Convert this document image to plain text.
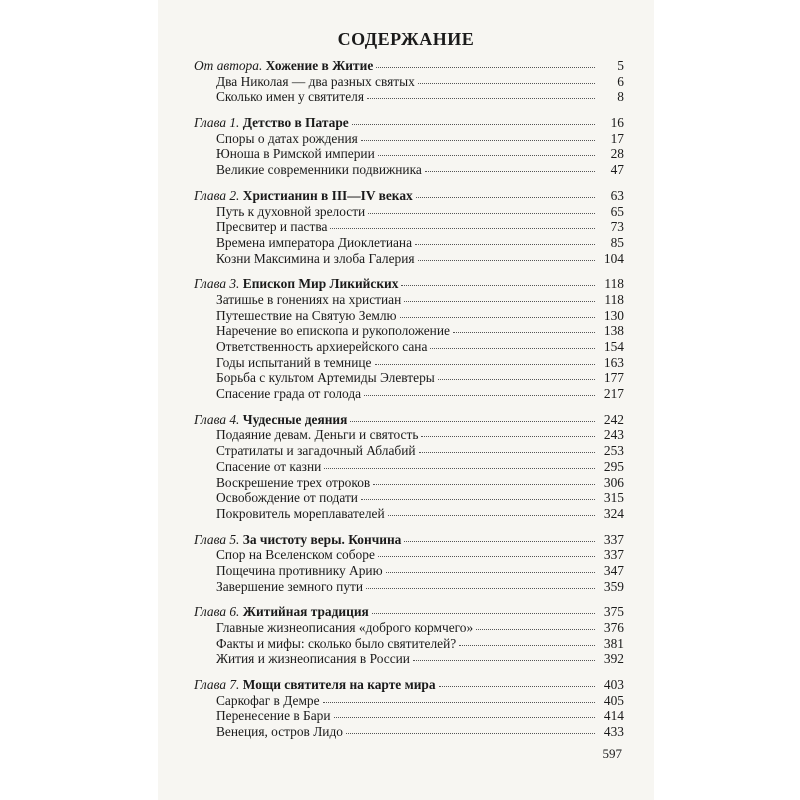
СОДЕРЖАНИЕ
От автора. Хожение в Житие	5
Два Николая — два разных святых	6
Сколько имен у святителя	8
Глава 1. Детство в Патаре	16
Споры о датах рождения	17
Юноша в Римской империи	28
Великие современники подвижника	47
Глава 2. Христианин в III—IV веках	63
Путь к духовной зрелости	65
Пресвитер и паства	73
Времена императора Диоклетиана	85
Козни Максимина и злоба Галерия	104
Глава 3. Епископ Мир Ликийских	118
Затишье в гонениях на христиан	118
Путешествие на Святую Землю	130
Наречение во епископа и рукоположение	138
Ответственность архиерейского сана	154
Годы испытаний в темнице	163
Борьба с культом Артемиды Элевтеры	177
Спасение града от голода	217
Глава 4. Чудесные деяния	242
Подаяние девам. Деньги и святость	243
Стратилаты и загадочный Аблабий	253
Спасение от казни	295
Воскрешение трех отроков	306
Освобождение от подати	315
Покровитель мореплавателей	324
Глава 5. За чистоту веры. Кончина	337
Спор на Вселенском соборе	337
Пощечина противнику Арию	347
Завершение земного пути	359
Глава 6. Житийная традиция	375
Главные жизнеописания «доброго кормчего»	376
Факты и мифы: сколько было святителей?	381
Жития и жизнеописания в России	392
Глава 7. Мощи святителя на карте мира	403
Саркофаг в Демре	405
Перенесение в Бари	414
Венеция, остров Лидо	433
597
